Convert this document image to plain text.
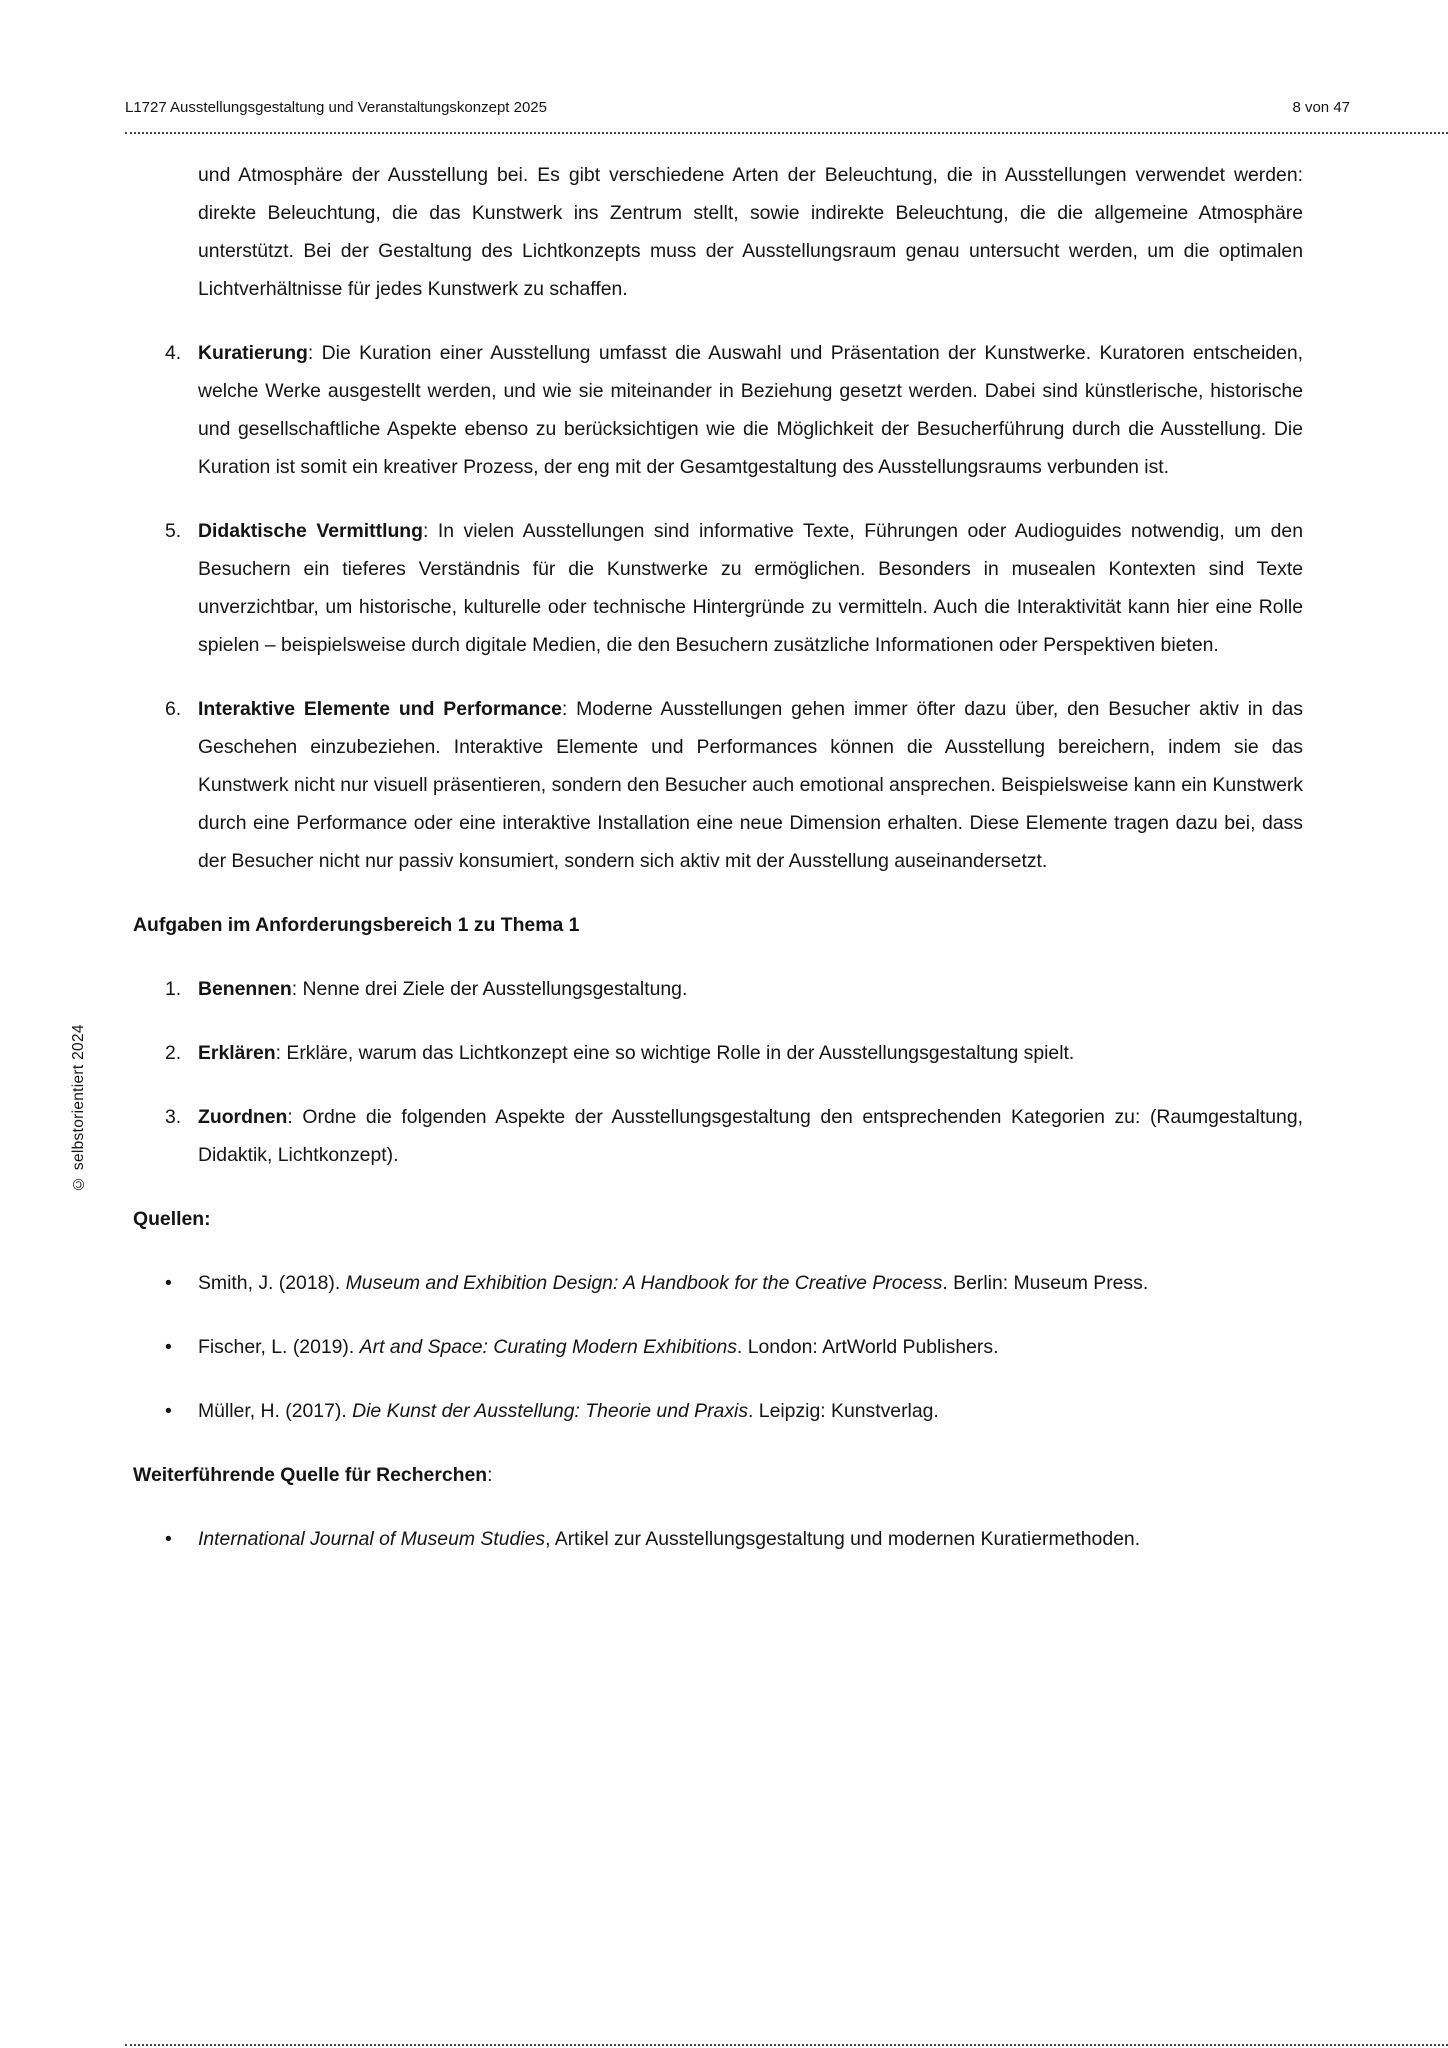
L1727 Ausstellungsgestaltung und Veranstaltungskonzept 2025	8 von 47
© selbstorientiert 2024

und Atmosphäre der Ausstellung bei. Es gibt verschiedene Arten der Beleuchtung, die in Ausstellungen verwendet werden: direkte Beleuchtung, die das Kunstwerk ins Zentrum stellt, sowie indirekte Beleuchtung, die die allgemeine Atmosphäre unterstützt. Bei der Gestaltung des Lichtkonzepts muss der Ausstellungsraum genau untersucht werden, um die optimalen Lichtverhältnisse für jedes Kunstwerk zu schaffen.

4. Kuratierung: Die Kuration einer Ausstellung umfasst die Auswahl und Präsentation der Kunstwerke. Kuratoren entscheiden, welche Werke ausgestellt werden, und wie sie miteinander in Beziehung gesetzt werden. Dabei sind künstlerische, historische und gesellschaftliche Aspekte ebenso zu berücksichtigen wie die Möglichkeit der Besucherführung durch die Ausstellung. Die Kuration ist somit ein kreativer Prozess, der eng mit der Gesamtgestaltung des Ausstellungsraums verbunden ist.

5. Didaktische Vermittlung: In vielen Ausstellungen sind informative Texte, Führungen oder Audioguides notwendig, um den Besuchern ein tieferes Verständnis für die Kunstwerke zu ermöglichen. Besonders in musealen Kontexten sind Texte unverzichtbar, um historische, kulturelle oder technische Hintergründe zu vermitteln. Auch die Interaktivität kann hier eine Rolle spielen – beispielsweise durch digitale Medien, die den Besuchern zusätzliche Informationen oder Perspektiven bieten.

6. Interaktive Elemente und Performance: Moderne Ausstellungen gehen immer öfter dazu über, den Besucher aktiv in das Geschehen einzubeziehen. Interaktive Elemente und Performances können die Ausstellung bereichern, indem sie das Kunstwerk nicht nur visuell präsentieren, sondern den Besucher auch emotional ansprechen. Beispielsweise kann ein Kunstwerk durch eine Performance oder eine interaktive Installation eine neue Dimension erhalten. Diese Elemente tragen dazu bei, dass der Besucher nicht nur passiv konsumiert, sondern sich aktiv mit der Ausstellung auseinandersetzt.

Aufgaben im Anforderungsbereich 1 zu Thema 1
1. Benennen: Nenne drei Ziele der Ausstellungsgestaltung.

2. Erklären: Erkläre, warum das Lichtkonzept eine so wichtige Rolle in der Ausstellungsgestaltung spielt.

3. Zuordnen: Ordne die folgenden Aspekte der Ausstellungsgestaltung den entsprechenden Kategorien zu: (Raumgestaltung, Didaktik, Lichtkonzept).

Quellen:
•	Smith, J. (2018). Museum and Exhibition Design: A Handbook for the Creative Process. Berlin: Museum Press.

•	Fischer, L. (2019). Art and Space: Curating Modern Exhibitions. London: ArtWorld Publishers.

•	Müller, H. (2017). Die Kunst der Ausstellung: Theorie und Praxis. Leipzig: Kunstverlag.

Weiterführende Quelle für Recherchen:
•	International Journal of Museum Studies, Artikel zur Ausstellungsgestaltung und modernen Kuratiermethoden.
